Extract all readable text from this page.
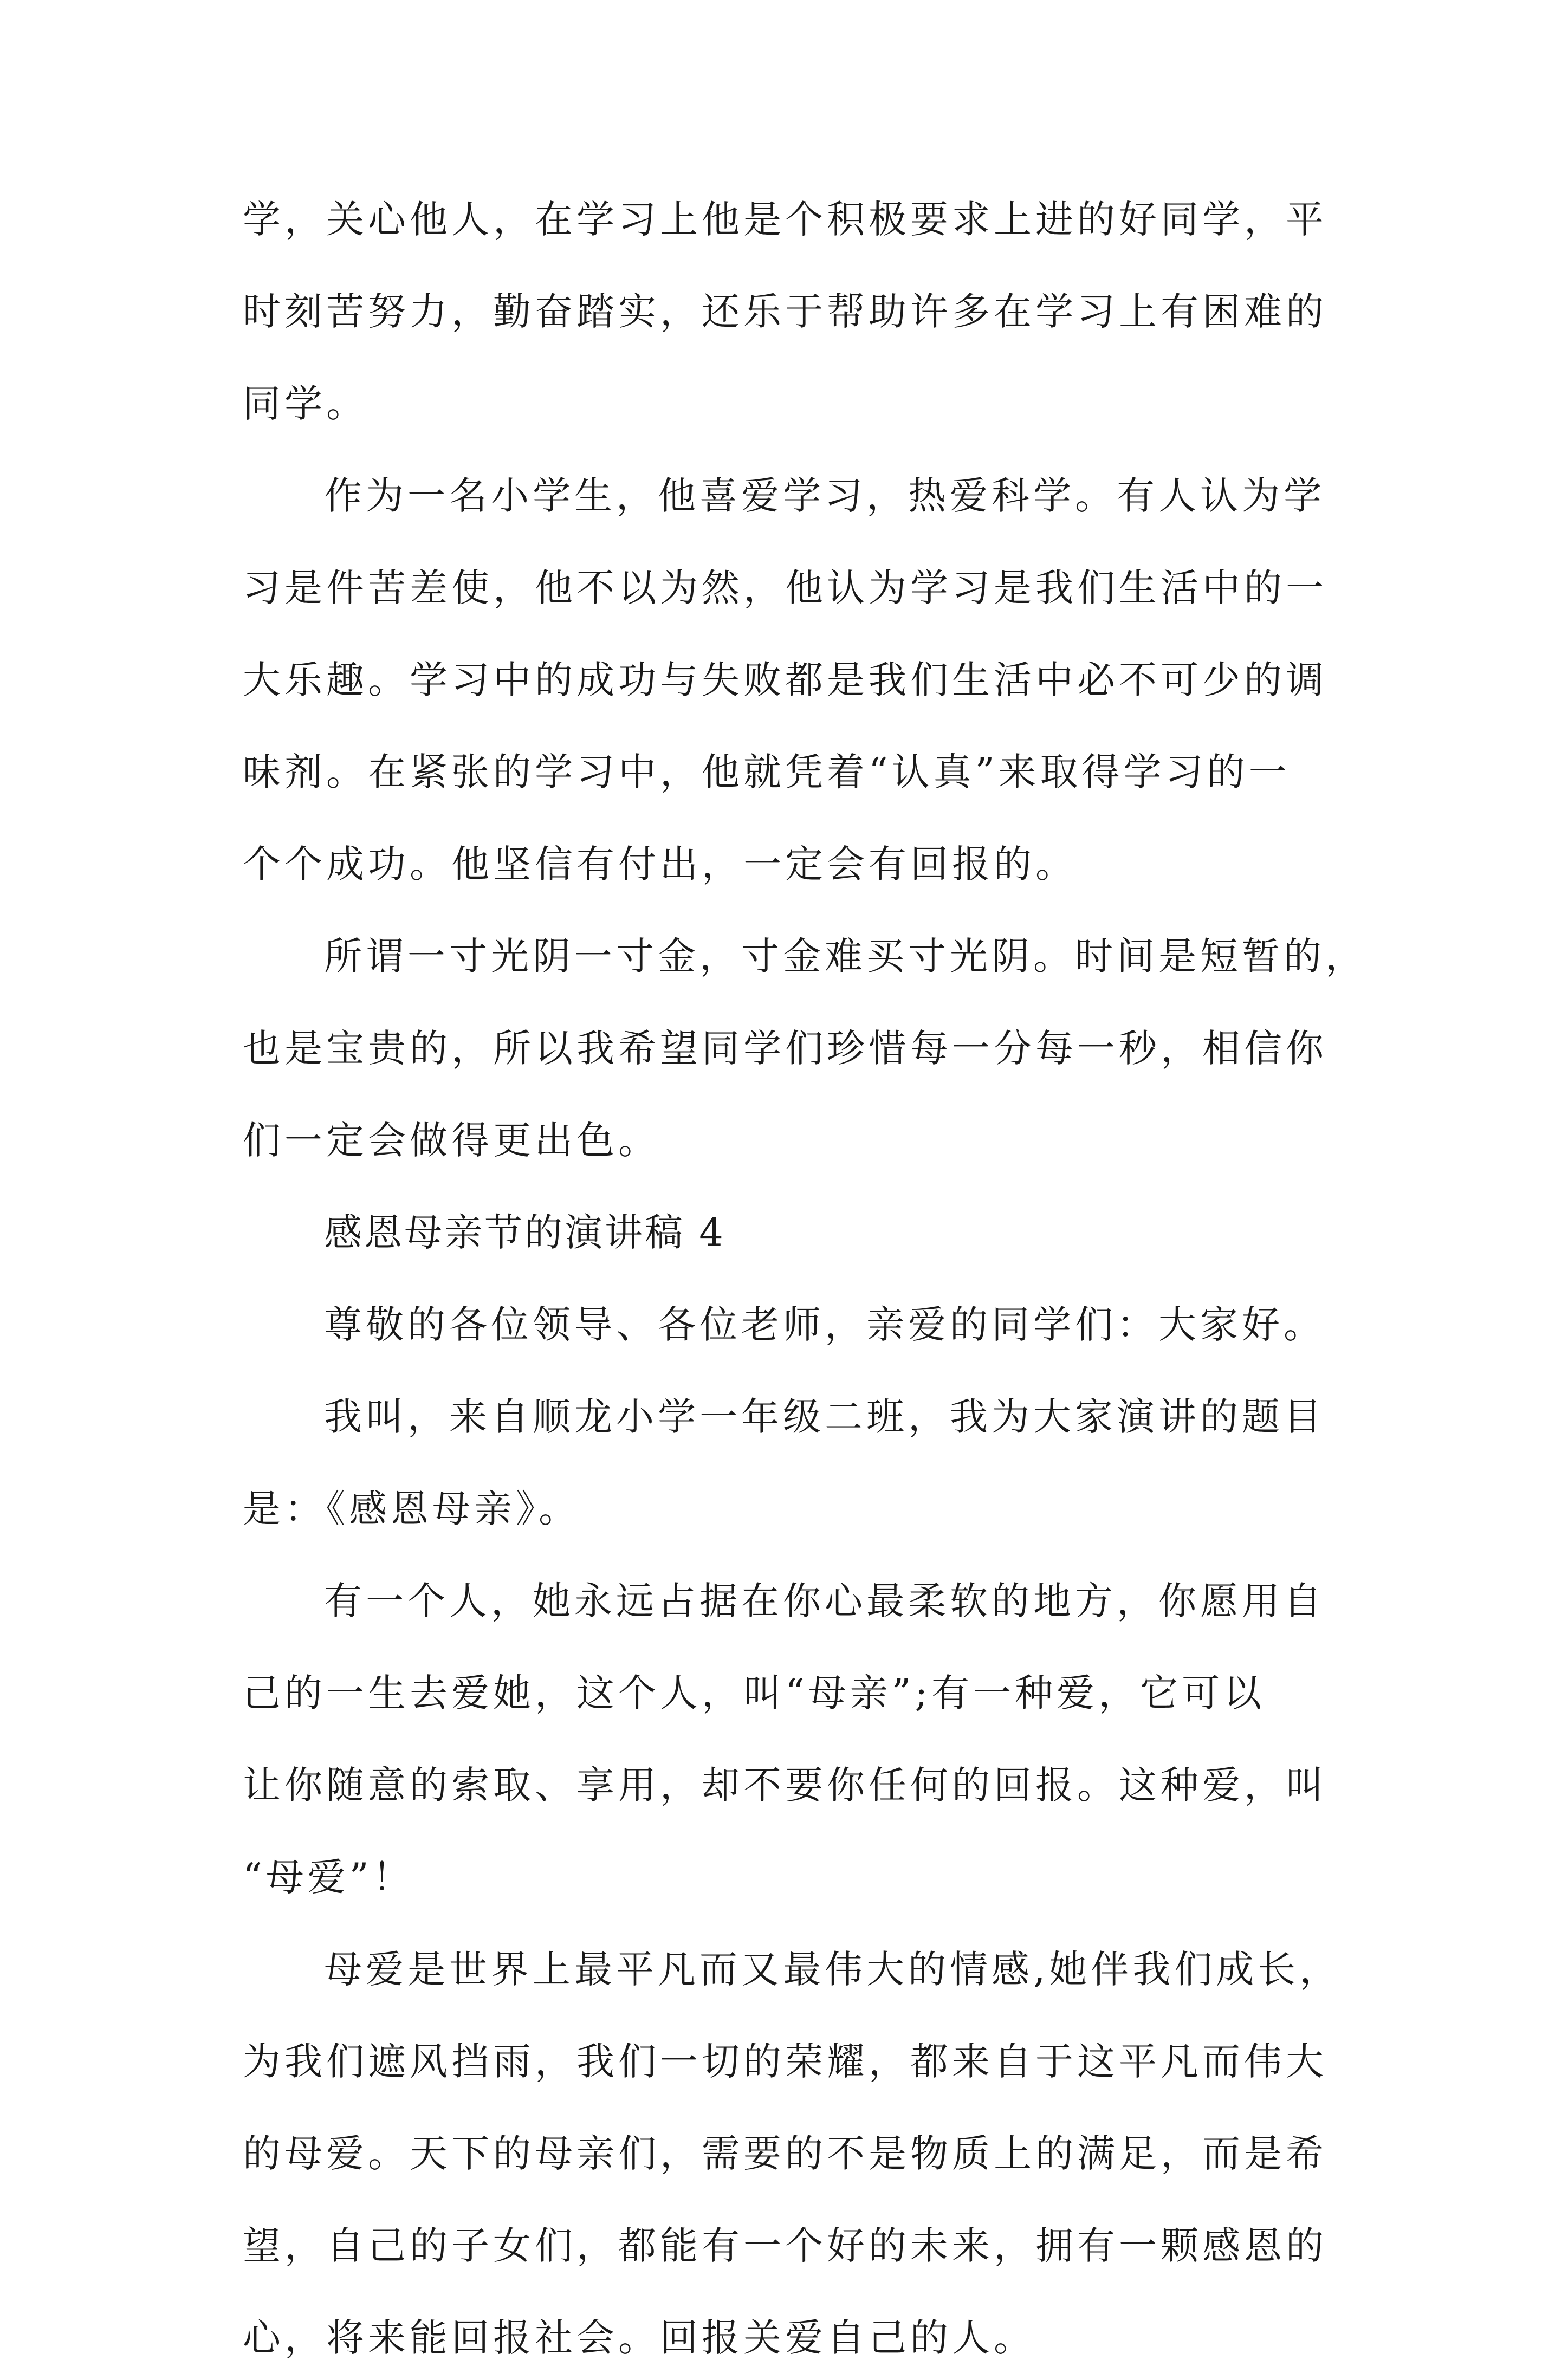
学，关心他人，在学习上他是个积极要求上进的好同学，平
时刻苦努力，勤奋踏实，还乐于帮助许多在学习上有困难的
同学。
作为一名小学生，他喜爱学习，热爱科学。有人认为学
习是件苦差使，他不以为然，他认为学习是我们生活中的一
大乐趣。学习中的成功与失败都是我们生活中必不可少的调
味剂。在紧张的学习中，他就凭着“认真”来取得学习的一
个个成功。他坚信有付出，一定会有回报的。
所谓一寸光阴一寸金，寸金难买寸光阴。时间是短暂的，
也是宝贵的，所以我希望同学们珍惜每一分每一秒，相信你
们一定会做得更出色。
感恩母亲节的演讲稿 4
尊敬的各位领导、各位老师，亲爱的同学们：大家好。
我叫，来自顺龙小学一年级二班，我为大家演讲的题目
是：《感恩母亲》。
有一个人，她永远占据在你心最柔软的地方，你愿用自
己的一生去爱她，这个人，叫“母亲”;有一种爱，它可以
让你随意的索取、享用，却不要你任何的回报。这种爱，叫
“母爱”！
母爱是世界上最平凡而又最伟大的情感,她伴我们成长，
为我们遮风挡雨，我们一切的荣耀，都来自于这平凡而伟大
的母爱。天下的母亲们，需要的不是物质上的满足，而是希
望，自己的子女们，都能有一个好的未来，拥有一颗感恩的
心，将来能回报社会。回报关爱自己的人。
